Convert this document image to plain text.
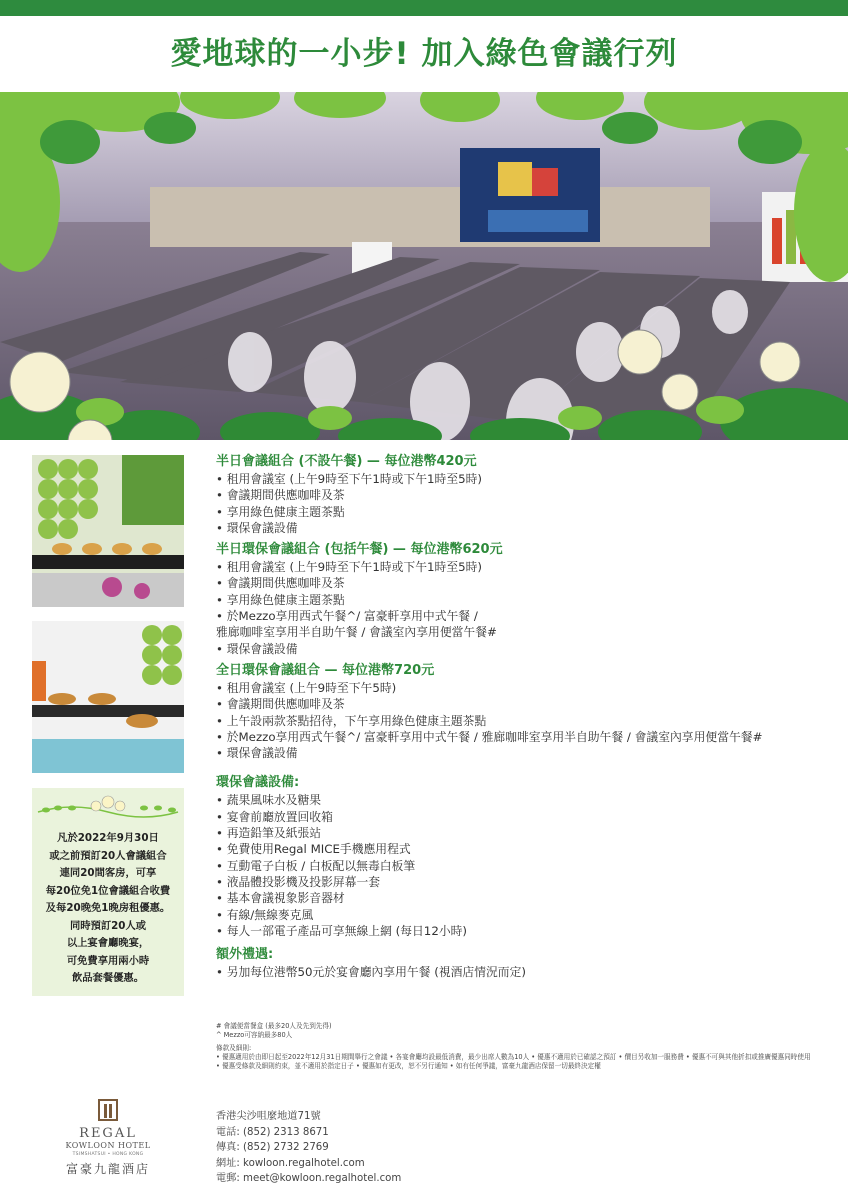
愛地球的一小步! 加入綠色會議行列
凡於2022年9月30日
或之前預訂20人會議組合
連同20間客房，可享
每20位免1位會議組合收費
及每20晚免1晚房租優惠。
同時預訂20人或
以上宴會廳晚宴，
可免費享用兩小時
飲品套餐優惠。
半日會議組合 (不設午餐) — 每位港幣420元
• 租用會議室 (上午9時至下午1時或下午1時至5時)
• 會議期間供應咖啡及茶
• 享用綠色健康主題茶點
• 環保會議設備
半日環保會議組合 (包括午餐) — 每位港幣620元
• 租用會議室 (上午9時至下午1時或下午1時至5時)
• 會議期間供應咖啡及茶
• 享用綠色健康主題茶點
• 於Mezzo享用西式午餐^/ 富豪軒享用中式午餐 /
雅廊咖啡室享用半自助午餐 / 會議室內享用便當午餐#
• 環保會議設備
全日環保會議組合 — 每位港幣720元
• 租用會議室 (上午9時至下午5時)
• 會議期間供應咖啡及茶
• 上午設兩款茶點招待，下午享用綠色健康主題茶點
• 於Mezzo享用西式午餐^/ 富豪軒享用中式午餐 / 雅廊咖啡室享用半自助午餐 / 會議室內享用便當午餐#
• 環保會議設備
環保會議設備:
• 蔬果風味水及糖果
• 宴會前廳放置回收箱
• 再造鉛筆及紙張站
• 免費使用Regal MICE手機應用程式
• 互動電子白板 / 白板配以無毒白板筆
• 液晶體投影機及投影屏幕一套
• 基本會議視象影音器材
• 有線/無線麥克風
• 每人一部電子產品可享無線上網 (每日12小時)
額外禮遇:
• 另加每位港幣50元於宴會廳內享用午餐 (視酒店情況而定)
# 會議便當餐盒 (最多20人及先到先得)
^ Mezzo可容納最多80人
條款及細則:
• 優惠適用於由即日起至2022年12月31日期間舉行之會議 • 各宴會廳均設最低消費，最少出席人數為10人 • 優惠不適用於已確認之預訂 • 價目另收加一服務費 • 優惠不可與其他折扣或推廣優惠同時使用 • 優惠受條款及細則約束，並不適用於指定日子 • 優惠如有更改，恕不另行通知 • 如有任何爭議，富豪九龍酒店保留一切最終決定權
REGAL
KOWLOON HOTEL
TSIMSHATSUI • HONG KONG
富豪九龍酒店
香港尖沙咀麼地道71號
電話: (852) 2313 8671
傳真: (852) 2732 2769
網址: kowloon.regalhotel.com
電郵: meet@kowloon.regalhotel.com
